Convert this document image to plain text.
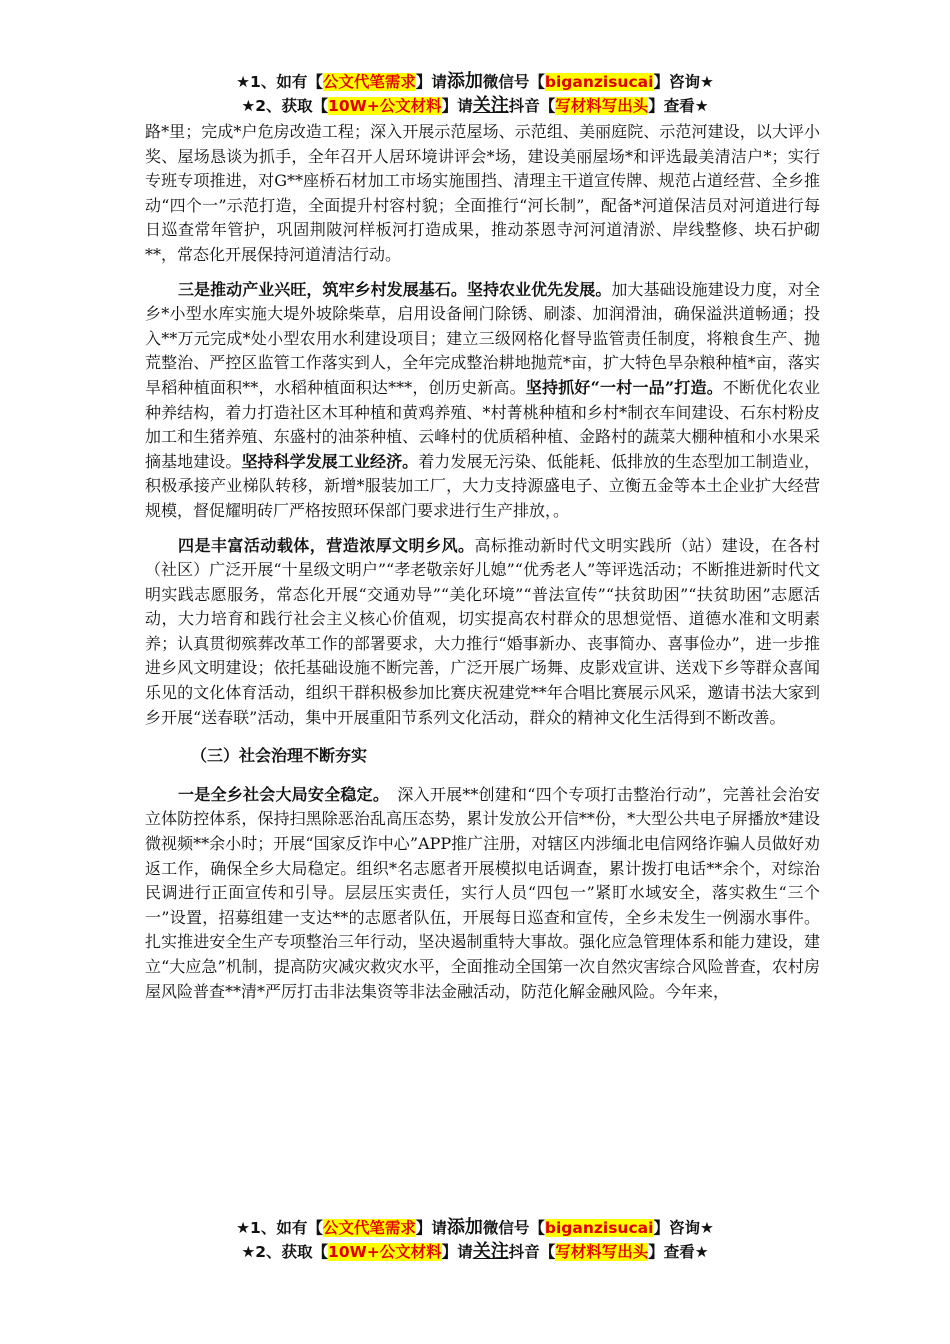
★1、如有【公文代笔需求】请添加微信号【biganzisucai】咨询★
★2、获取【10W+公文材料】请关注抖音【写材料写出头】查看★

路*里；完成*户危房改造工程；深入开展示范屋场、示范组、美丽庭院、示范河建设，以大评小奖、屋场恳谈为抓手，全年召开人居环境讲评会*场，建设美丽屋场*和评选最美清洁户*；实行专班专项推进，对G**座桥石材加工市场实施围挡、清理主干道宣传牌、规范占道经营、全乡推动“四个一”示范打造，全面提升村容村貌；全面推行“河长制”，配备*河道保洁员对河道进行每日巡查常年管护，巩固荆陂河样板河打造成果，推动茶恩寺河河道清淤、岸线整修、块石护砌**，常态化开展保持河道清洁行动。

三是推动产业兴旺，筑牢乡村发展基石。坚持农业优先发展。加大基础设施建设力度，对全乡*小型水库实施大堤外坡除柴草，启用设备闸门除锈、刷漆、加润滑油，确保溢洪道畅通；投入**万元完成*处小型农用水利建设项目；建立三级网格化督导监管责任制度，将粮食生产、抛荒整治、严控区监管工作落实到人，全年完成整治耕地抛荒*亩，扩大特色旱杂粮种植*亩，落实旱稻种植面积**，水稻种植面积达***，创历史新高。坚持抓好“一村一品”打造。不断优化农业种养结构，着力打造社区木耳种植和黄鸡养殖、*村菁桃种植和乡村*制衣车间建设、石东村粉皮加工和生猪养殖、东盛村的油茶种植、云峰村的优质稻种植、金路村的蔬菜大棚种植和小水果采摘基地建设。坚持科学发展工业经济。着力发展无污染、低能耗、低排放的生态型加工制造业，积极承接产业梯队转移，新增*服装加工厂，大力支持源盛电子、立衡五金等本土企业扩大经营规模，督促耀明砖厂严格按照环保部门要求进行生产排放，。

四是丰富活动载体，营造浓厚文明乡风。高标推动新时代文明实践所（站）建设，在各村（社区）广泛开展“十星级文明户”“孝老敬亲好儿媳”“优秀老人”等评选活动；不断推进新时代文明实践志愿服务，常态化开展“交通劝导”“美化环境”“普法宣传”“扶贫助困”“扶贫助困”志愿活动，大力培育和践行社会主义核心价值观，切实提高农村群众的思想觉悟、道德水准和文明素养；认真贯彻殡葬改革工作的部署要求，大力推行“婚事新办、丧事简办、喜事俭办”，进一步推进乡风文明建设；依托基础设施不断完善，广泛开展广场舞、皮影戏宣讲、送戏下乡等群众喜闻乐见的文化体育活动，组织干群积极参加比赛庆祝建党**年合唱比赛展示风采，邀请书法大家到乡开展“送春联”活动，集中开展重阳节系列文化活动，群众的精神文化生活得到不断改善。

（三）社会治理不断夯实

一是全乡社会大局安全稳定。　深入开展**创建和“四个专项打击整治行动”，完善社会治安立体防控体系，保持扫黑除恶治乱高压态势，累计发放公开信**份，*大型公共电子屏播放*建设微视频**余小时；开展“国家反诈中心”APP推广注册，对辖区内涉缅北电信网络诈骗人员做好劝返工作，确保全乡大局稳定。组织*名志愿者开展模拟电话调查，累计拨打电话**余个，对综治民调进行正面宣传和引导。层层压实责任，实行人员“四包一”紧盯水域安全，落实救生“三个一”设置，招募组建一支达**的志愿者队伍，开展每日巡查和宣传，全乡未发生一例溺水事件。扎实推进安全生产专项整治三年行动，坚决遏制重特大事故。强化应急管理体系和能力建设，建立“大应急”机制，提高防灾减灾救灾水平，全面推动全国第一次自然灾害综合风险普查，农村房屋风险普查**清*严厉打击非法集资等非法金融活动，防范化解金融风险。今年来，

★1、如有【公文代笔需求】请添加微信号【biganzisucai】咨询★
★2、获取【10W+公文材料】请关注抖音【写材料写出头】查看★
